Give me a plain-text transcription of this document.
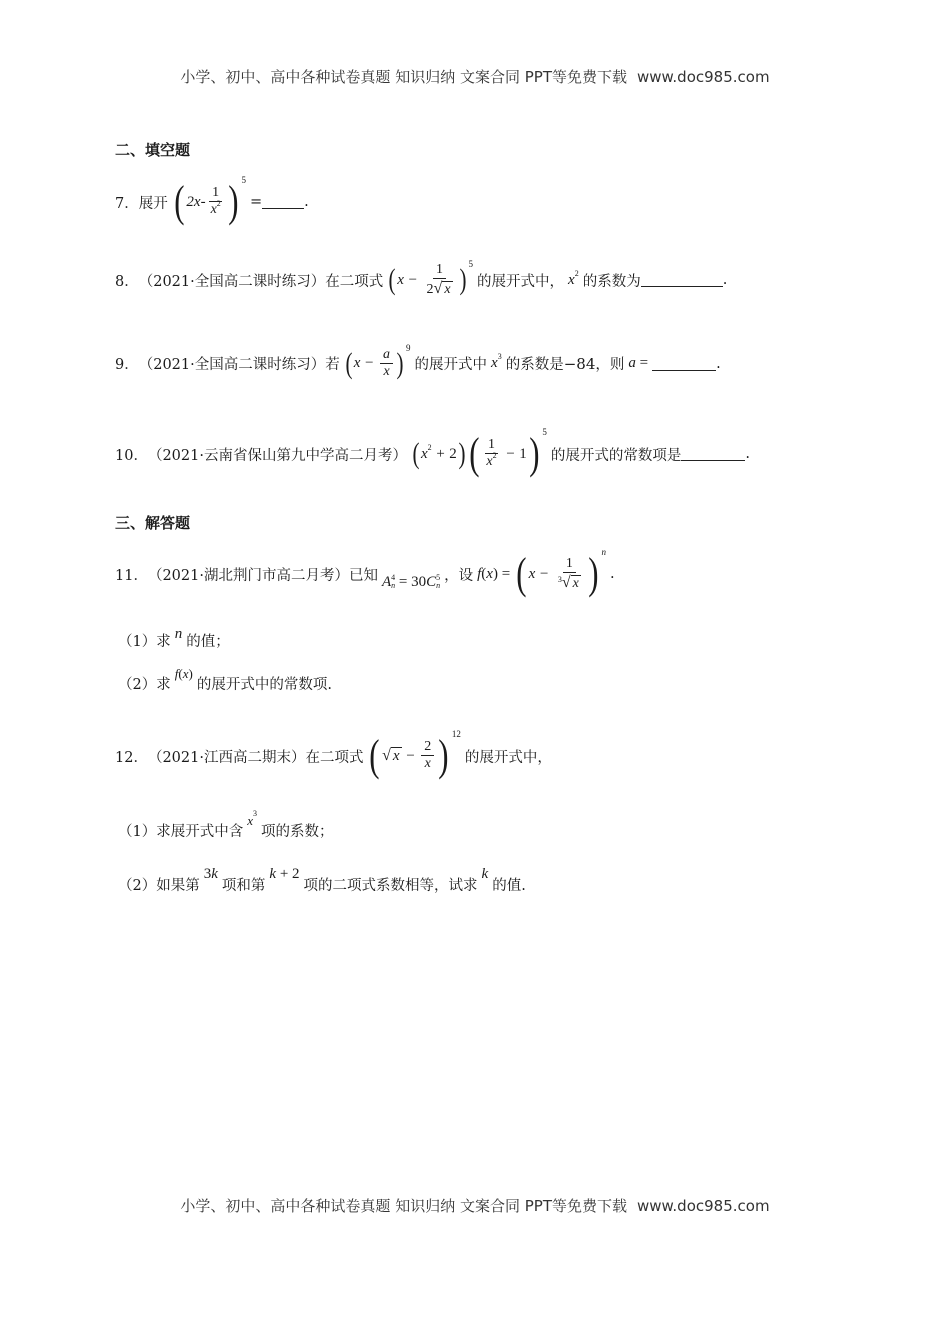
小学、初中、高中各种试卷真题 知识归纳 文案合同 PPT等免费下载 www.doc985.com
二、填空题
7． 展开 ( 2 x - $\frac{1}{x^2}$ ) 5
=	.
8． （2021·全国高二课时练习）在二项式 ( $x - \frac{1}{2√ x}$ ) 5
的展开式中， x 2
的系数为	.
9． （2021·全国高二课时练习）若 ( $x - \frac{a}{x}$ ) 9
的展开式中 x 3
的系数是 −84 ，则 a
=	.
10． （2021·云南省保山第九中学高二月考） ( x 2 + 2 ) ( $\frac{1}{x^2} - 1$ ) 5
的展开式的常数项是	.
三、解答题
11． （2021·湖北荆门市高二月考）已知 A 4
n
=
30 C 5
n
，设 f ( x )
=
( $x - \frac{1}{^3√ x}$ ) n
.
（1）求 n 的值；
（2）求
f ( x )
的展开式中的常数项.
12． （2021·江西高二期末）在二项式 ( √ $x - \frac{2}{x}$ ) 12
的展开式中，
（1）求展开式中含
x 3
项的系数；
（2）如果第
3 k
项和第
k
+
2
项的二项式系数相等，试求
k
的值.
小学、初中、高中各种试卷真题 知识归纳 文案合同 PPT等免费下载 www.doc985.com
